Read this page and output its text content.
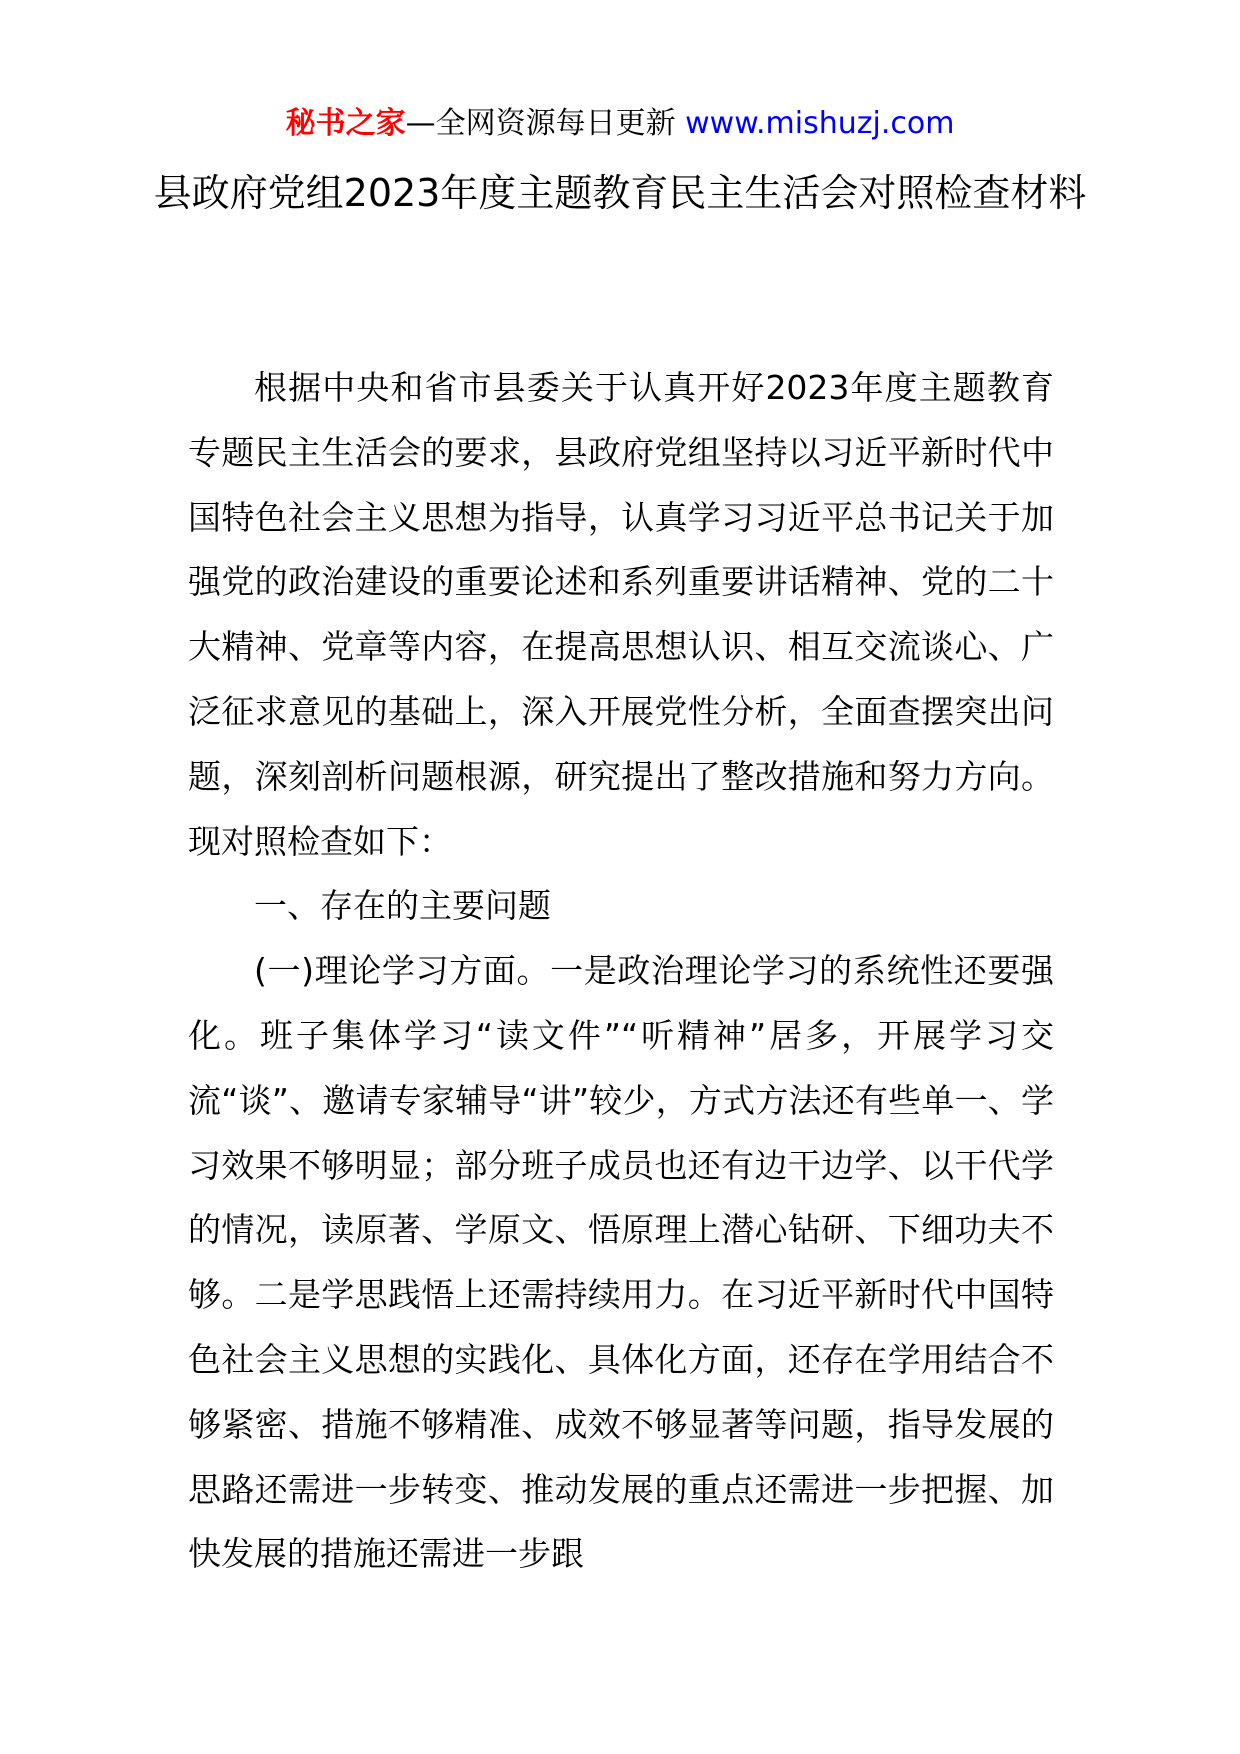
秘书之家—全网资源每日更新 www.mishuzj.com
县政府党组2023年度主题教育民主生活会对照检查材料

根据中央和省市县委关于认真开好2023年度主题教育专题民主生活会的要求，县政府党组坚持以习近平新时代中国特色社会主义思想为指导，认真学习习近平总书记关于加强党的政治建设的重要论述和系列重要讲话精神、党的二十大精神、党章等内容，在提高思想认识、相互交流谈心、广泛征求意见的基础上，深入开展党性分析，全面查摆突出问题，深刻剖析问题根源，研究提出了整改措施和努力方向。现对照检查如下：

一、存在的主要问题

(一)理论学习方面。一是政治理论学习的系统性还要强化。班子集体学习“读文件”“听精神”居多，开展学习交流“谈”、邀请专家辅导“讲”较少，方式方法还有些单一、学习效果不够明显；部分班子成员也还有边干边学、以干代学的情况，读原著、学原文、悟原理上潜心钻研、下细功夫不够。二是学思践悟上还需持续用力。在习近平新时代中国特色社会主义思想的实践化、具体化方面，还存在学用结合不够紧密、措施不够精准、成效不够显著等问题，指导发展的思路还需进一步转变、推动发展的重点还需进一步把握、加快发展的措施还需进一步跟
